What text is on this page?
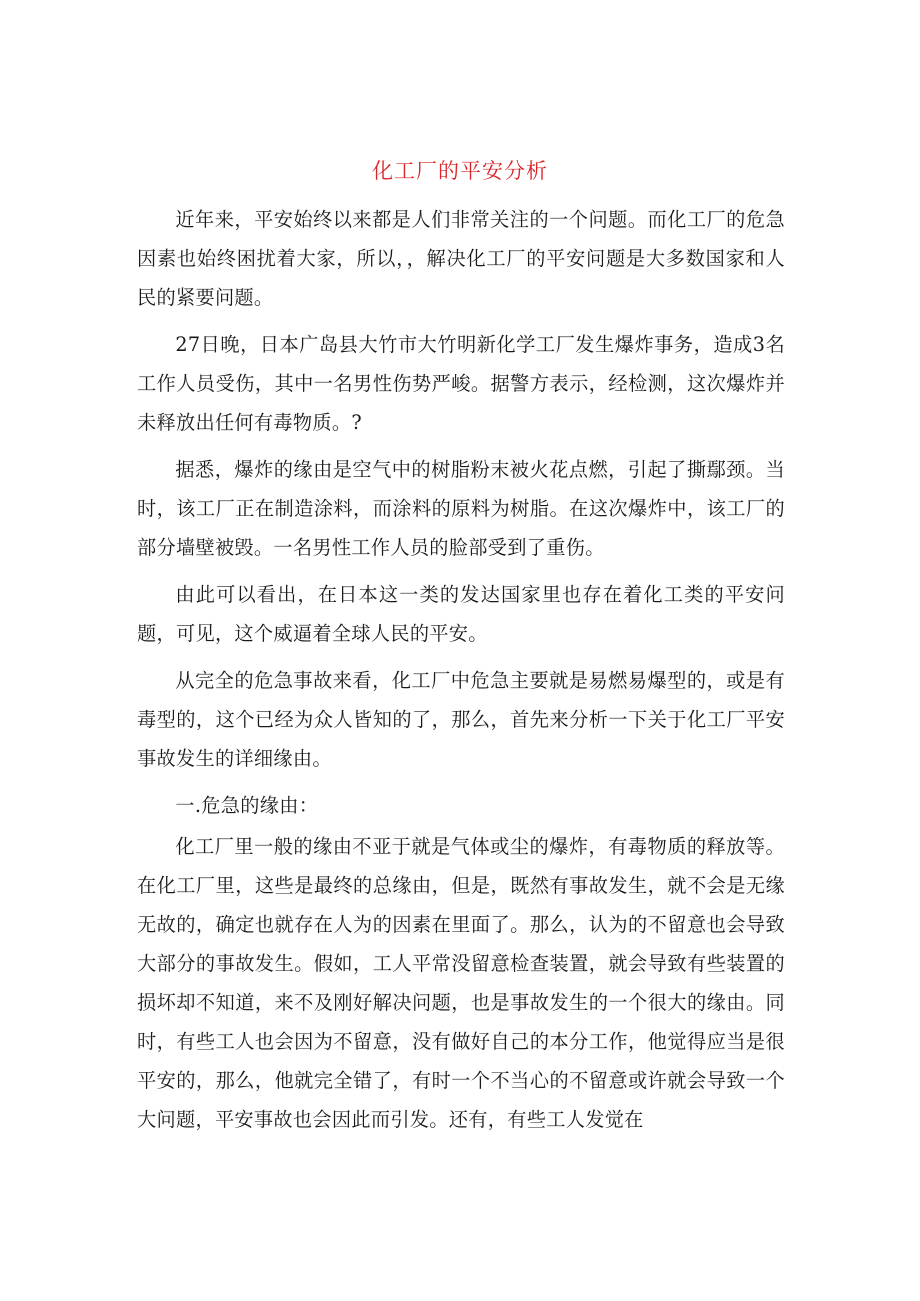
化工厂的平安分析

近年来，平安始终以来都是人们非常关注的一个问题。而化工厂的危急因素也始终困扰着大家，所以，，解决化工厂的平安问题是大多数国家和人民的紧要问题。

27日晚，日本广岛县大竹市大竹明新化学工厂发生爆炸事务，造成3名工作人员受伤，其中一名男性伤势严峻。据警方表示，经检测，这次爆炸并未释放出任何有毒物质。?

据悉，爆炸的缘由是空气中的树脂粉末被火花点燃，引起了撕鄢颈。当时，该工厂正在制造涂料，而涂料的原料为树脂。在这次爆炸中，该工厂的部分墙壁被毁。一名男性工作人员的脸部受到了重伤。

由此可以看出，在日本这一类的发达国家里也存在着化工类的平安问题，可见，这个威逼着全球人民的平安。

从完全的危急事故来看，化工厂中危急主要就是易燃易爆型的，或是有毒型的，这个已经为众人皆知的了，那么，首先来分析一下关于化工厂平安事故发生的详细缘由。

一.危急的缘由：

化工厂里一般的缘由不亚于就是气体或尘的爆炸，有毒物质的释放等。在化工厂里，这些是最终的总缘由，但是，既然有事故发生，就不会是无缘无故的，确定也就存在人为的因素在里面了。那么，认为的不留意也会导致大部分的事故发生。假如，工人平常没留意检查装置，就会导致有些装置的损坏却不知道，来不及刚好解决问题，也是事故发生的一个很大的缘由。同时，有些工人也会因为不留意，没有做好自己的本分工作，他觉得应当是很平安的，那么，他就完全错了，有时一个不当心的不留意或许就会导致一个大问题，平安事故也会因此而引发。还有，有些工人发觉在
